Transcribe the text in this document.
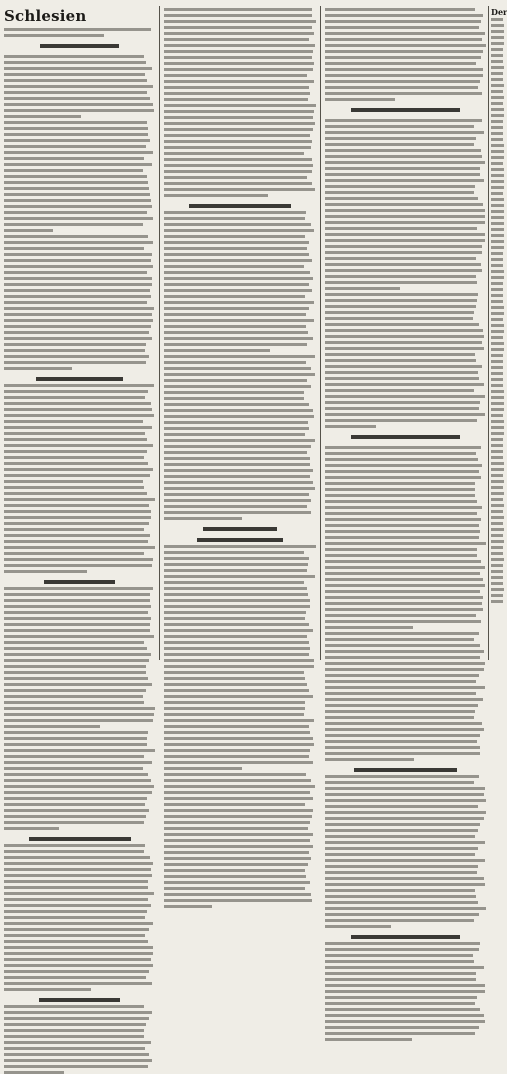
Schlesien	Der
